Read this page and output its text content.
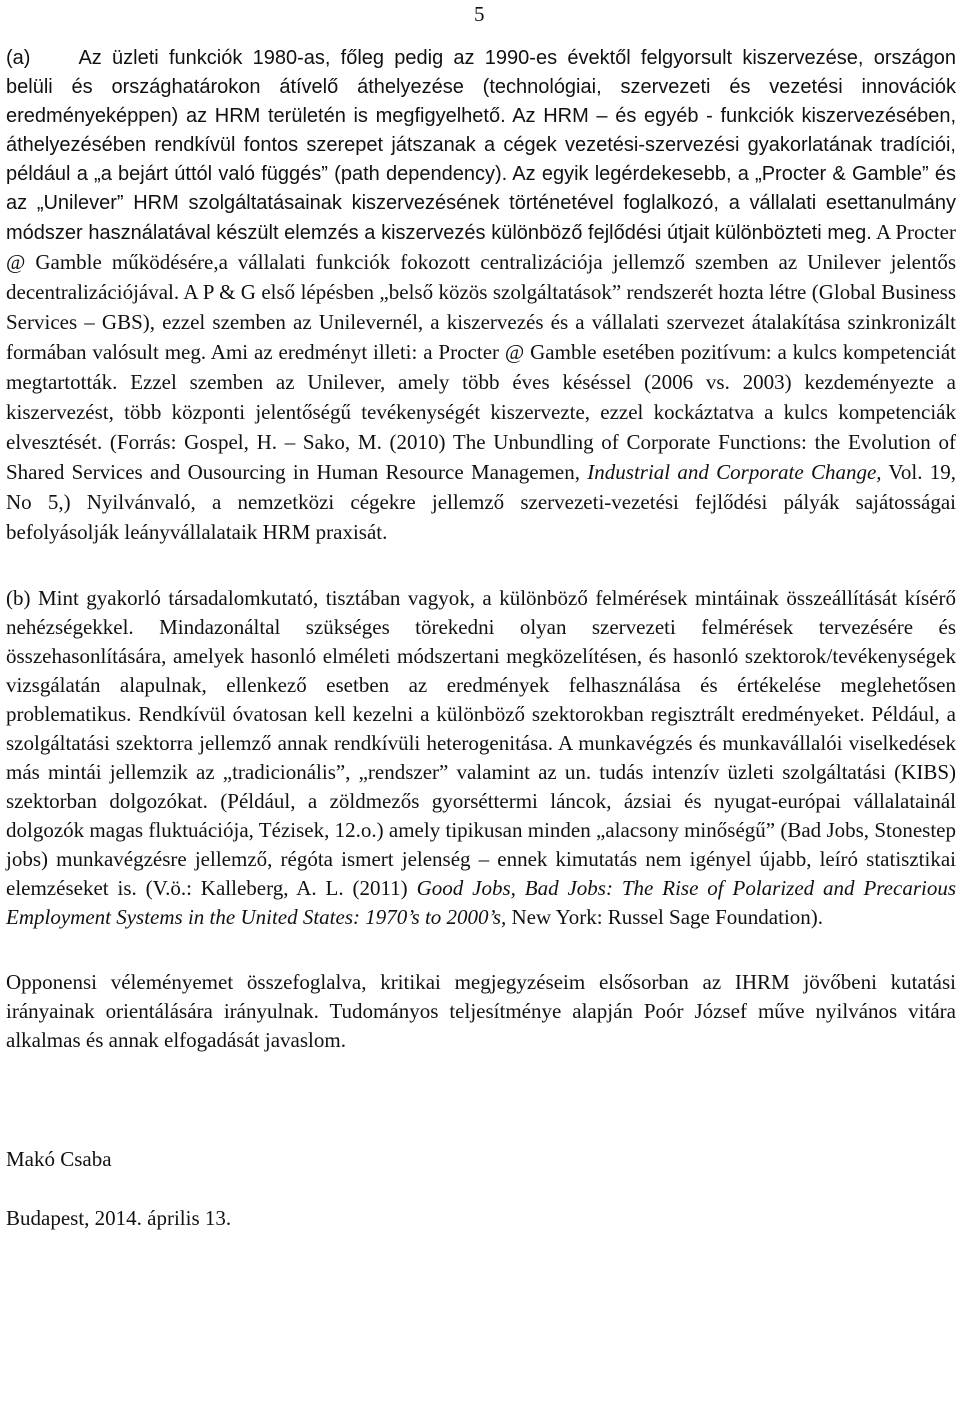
5

(a) Az üzleti funkciók 1980-as, főleg pedig az 1990-es évektől felgyorsult kiszervezése, országon belüli és országhatárokon átívelő áthelyezése (technológiai, szervezeti és vezetési innovációk eredményeképpen) az HRM területén is megfigyelhető. Az HRM – és egyéb - funkciók kiszervezésében, áthelyezésében rendkívül fontos szerepet játszanak a cégek vezetési-szervezési gyakorlatának tradíciói, például a „a bejárt úttól való függés” (path dependency). Az egyik legérdekesebb, a „Procter & Gamble” és az „Unilever” HRM szolgáltatásainak kiszervezésének történetével foglalkozó, a vállalati esettanulmány módszer használatával készült elemzés a kiszervezés különböző fejlődési útjait különbözteti meg. A Procter @ Gamble működésére,a vállalati funkciók fokozott centralizációja jellemző szemben az Unilever jelentős decentralizációjával. A P & G első lépésben „belső közös szolgáltatások” rendszerét hozta létre (Global Business Services – GBS), ezzel szemben az Unilevernél, a kiszervezés és a vállalati szervezet átalakítása szinkronizált formában valósult meg. Ami az eredményt illeti: a Procter @ Gamble esetében pozitívum: a kulcs kompetenciát megtartották. Ezzel szemben az Unilever, amely több éves késéssel (2006 vs. 2003) kezdeményezte a kiszervezést, több központi jelentőségű tevékenységét kiszervezte, ezzel kockáztatva a kulcs kompetenciák elvesztését. (Forrás: Gospel, H. – Sako, M. (2010) The Unbundling of Corporate Functions: the Evolution of Shared Services and Ousourcing in Human Resource Managemen, Industrial and Corporate Change, Vol. 19, No 5,) Nyilvánvaló, a nemzetközi cégekre jellemző szervezeti-vezetési fejlődési pályák sajátosságai befolyásolják leányvállalataik HRM praxisát.

(b) Mint gyakorló társadalomkutató, tisztában vagyok, a különböző felmérések mintáinak összeállítását kísérő nehézségekkel. Mindazonáltal szükséges törekedni olyan szervezeti felmérések tervezésére és összehasonlítására, amelyek hasonló elméleti módszertani megközelítésen, és hasonló szektorok/tevékenységek vizsgálatán alapulnak, ellenkező esetben az eredmények felhasználása és értékelése meglehetősen problematikus. Rendkívül óvatosan kell kezelni a különböző szektorokban regisztrált eredményeket. Például, a szolgáltatási szektorra jellemző annak rendkívüli heterogenitása. A munkavégzés és munkavállalói viselkedések más mintái jellemzik az „tradicionális”, „rendszer” valamint az un. tudás intenzív üzleti szolgáltatási (KIBS) szektorban dolgozókat. (Például, a zöldmezős gyorséttermi láncok, ázsiai és nyugat-európai vállalatainál dolgozók magas fluktuációja, Tézisek, 12.o.) amely tipikusan minden „alacsony minőségű” (Bad Jobs, Stonestep jobs) munkavégzésre jellemző, régóta ismert jelenség – ennek kimutatás nem igényel újabb, leíró statisztikai elemzéseket is. (V.ö.: Kalleberg, A. L. (2011) Good Jobs, Bad Jobs: The Rise of Polarized and Precarious Employment Systems in the United States: 1970’s to 2000’s, New York: Russel Sage Foundation).

Opponensi véleményemet összefoglalva, kritikai megjegyzéseim elsősorban az IHRM jövőbeni kutatási irányainak orientálására irányulnak. Tudományos teljesítménye alapján Poór József műve nyilvános vitára alkalmas és annak elfogadását javaslom.

Makó Csaba
Budapest, 2014. április 13.
